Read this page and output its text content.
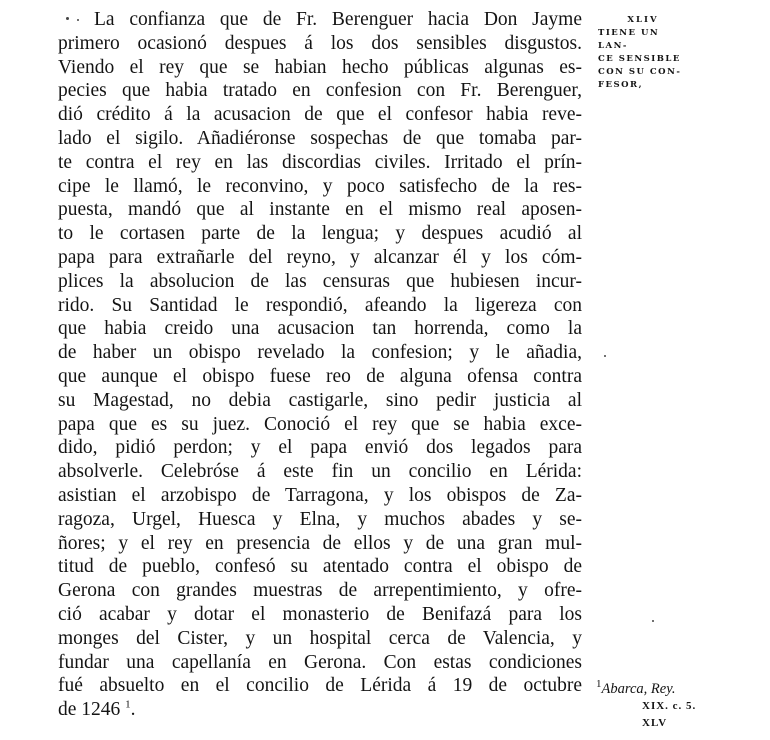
La confianza que de Fr. Berenguer hacia Don Jayme
primero ocasionó despues á los dos sensibles disgustos.
Viendo el rey que se habian hecho públicas algunas es-
pecies que habia tratado en confesion con Fr. Berenguer,
dió crédito á la acusacion de que el confesor habia reve-
lado el sigilo. Añadiéronse sospechas de que tomaba par-
te contra el rey en las discordias civiles. Irritado el prín-
cipe le llamó, le reconvino, y poco satisfecho de la res-
puesta, mandó que al instante en el mismo real aposen-
to le cortasen parte de la lengua; y despues acudió al
papa para extrañarle del reyno, y alcanzar él y los cóm-
plices la absolucion de las censuras que hubiesen incur-
rido. Su Santidad le respondió, afeando la ligereza con
que habia creido una acusacion tan horrenda, como la
de haber un obispo revelado la confesion; y le añadia,
que aunque el obispo fuese reo de alguna ofensa contra
su Magestad, no debia castigarle, sino pedir justicia al
papa que es su juez. Conoció el rey que se habia exce-
dido, pidió perdon; y el papa envió dos legados para
absolverle. Celebróse á este fin un concilio en Lérida:
asistian el arzobispo de Tarragona, y los obispos de Za-
ragoza, Urgel, Huesca y Elna, y muchos abades y se-
ñores; y el rey en presencia de ellos y de una gran mul-
titud de pueblo, confesó su atentado contra el obispo de
Gerona con grandes muestras de arrepentimiento, y ofre-
ció acabar y dotar el monasterio de Benifazá para los
monges del Cister, y un hospital cerca de Valencia, y
fundar una capellanía en Gerona. Con estas condiciones
fué absuelto en el concilio de Lérida á 19 de octubre
de 1246 $^1$.
XLIV
TIENE UN LAN-
CE SENSIBLE
CON SU CON-
FESOR,
$^1$Abarca, Rey.
XIX. c. 5.
XLV
